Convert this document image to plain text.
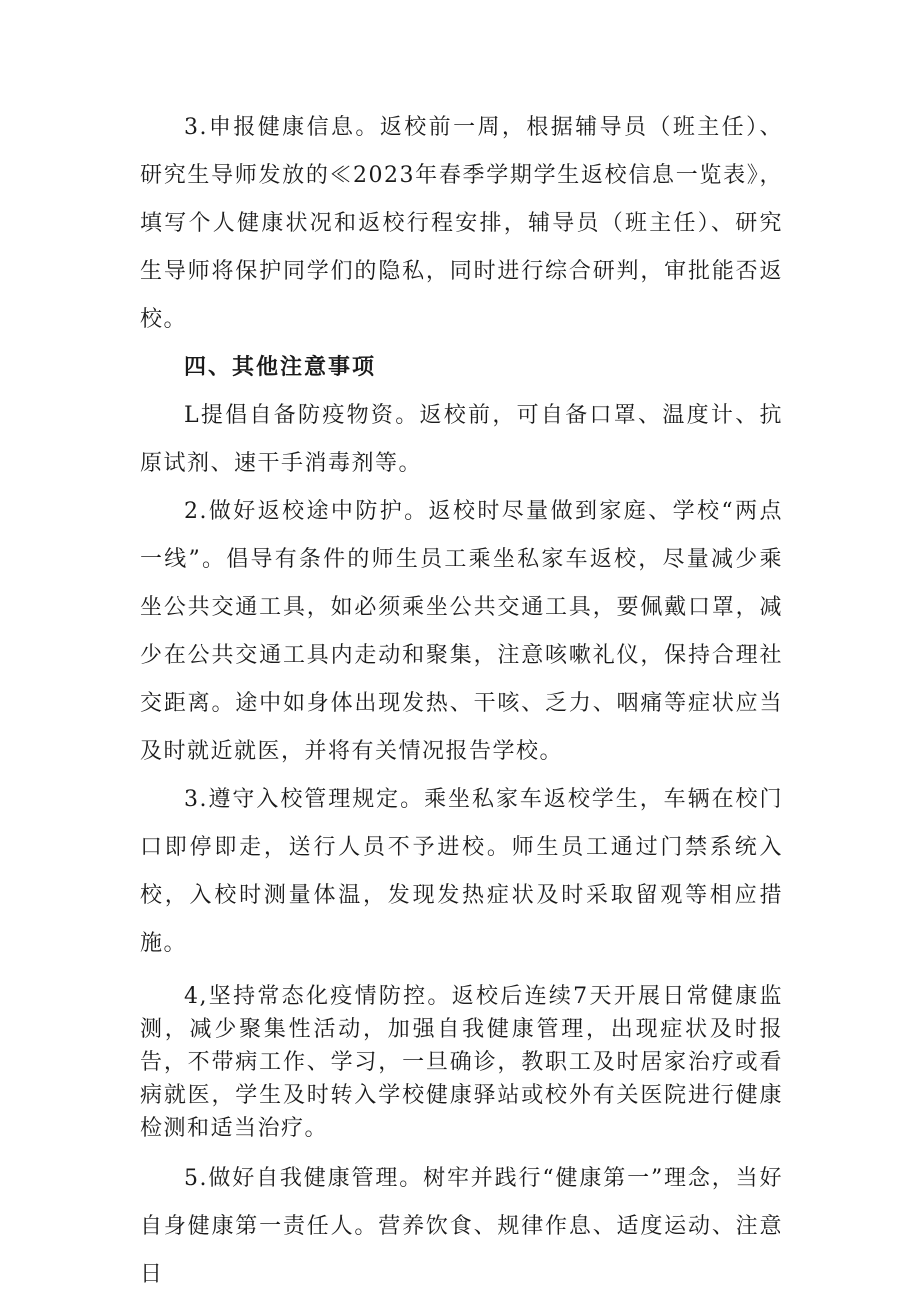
3.申报健康信息。返校前一周，根据辅导员（班主任）、研究生导师发放的≪2023年春季学期学生返校信息一览表》，填写个人健康状况和返校行程安排，辅导员（班主任）、研究生导师将保护同学们的隐私，同时进行综合研判，审批能否返校。

四、其他注意事项

L提倡自备防疫物资。返校前，可自备口罩、温度计、抗原试剂、速干手消毒剂等。

2.做好返校途中防护。返校时尽量做到家庭、学校“两点一线”。倡导有条件的师生员工乘坐私家车返校，尽量减少乘坐公共交通工具，如必须乘坐公共交通工具，要佩戴口罩，减少在公共交通工具内走动和聚集，注意咳嗽礼仪，保持合理社交距离。途中如身体出现发热、干咳、乏力、咽痛等症状应当及时就近就医，并将有关情况报告学校。

3.遵守入校管理规定。乘坐私家车返校学生，车辆在校门口即停即走，送行人员不予进校。师生员工通过门禁系统入校，入校时测量体温，发现发热症状及时采取留观等相应措施。

4,坚持常态化疫情防控。返校后连续7天开展日常健康监测，减少聚集性活动，加强自我健康管理，出现症状及时报告，不带病工作、学习，一旦确诊，教职工及时居家治疗或看病就医，学生及时转入学校健康驿站或校外有关医院进行健康检测和适当治疗。

5.做好自我健康管理。树牢并践行“健康第一”理念，当好自身健康第一责任人。营养饮食、规律作息、适度运动、注意日
